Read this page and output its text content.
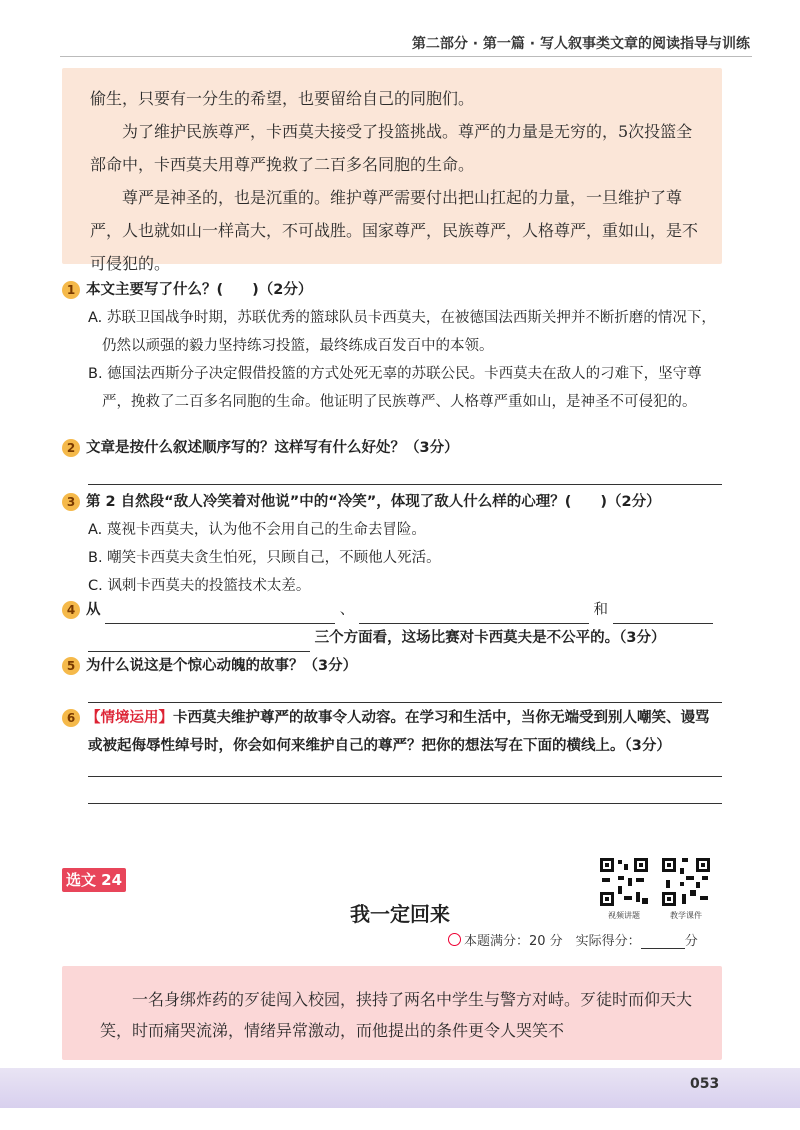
第二部分 · 第一篇 · 写人叙事类文章的阅读指导与训练

偷生，只要有一分生的希望，也要留给自己的同胞们。

为了维护民族尊严，卡西莫夫接受了投篮挑战。尊严的力量是无穷的，5次投篮全部命中，卡西莫夫用尊严挽救了二百多名同胞的生命。

尊严是神圣的，也是沉重的。维护尊严需要付出把山扛起的力量，一旦维护了尊严，人也就如山一样高大，不可战胜。国家尊严，民族尊严，人格尊严，重如山，是不可侵犯的。

1 本文主要写了什么？(　　)（2分）
A. 苏联卫国战争时期，苏联优秀的篮球队员卡西莫夫，在被德国法西斯关押并不断折磨的情况下，仍然以顽强的毅力坚持练习投篮，最终练成百发百中的本领。
B. 德国法西斯分子决定假借投篮的方式处死无辜的苏联公民。卡西莫夫在敌人的刁难下，坚守尊严，挽救了二百多名同胞的生命。他证明了民族尊严、人格尊严重如山，是神圣不可侵犯的。
2 文章是按什么叙述顺序写的？这样写有什么好处？（3分）
3 第 2 自然段“敌人冷笑着对他说”中的“冷笑”，体现了敌人什么样的心理？(　　)（2分）
A. 蔑视卡西莫夫，认为他不会用自己的生命去冒险。
B. 嘲笑卡西莫夫贪生怕死，只顾自己，不顾他人死活。
C. 讽刺卡西莫夫的投篮技术太差。
4 从	、	和
三个方面看，这场比赛对卡西莫夫是不公平的。（3分）
5 为什么说这是个惊心动魄的故事？（3分）
6 【情境运用】卡西莫夫维护尊严的故事令人动容。在学习和生活中，当你无端受到别人嘲笑、谩骂或被起侮辱性绰号时，你会如何来维护自己的尊严？把你的想法写在下面的横线上。（3分）
选文 24
视频讲题	教学课件
我一定回来
本题满分：20 分　实际得分：	分

一名身绑炸药的歹徒闯入校园，挟持了两名中学生与警方对峙。歹徒时而仰天大笑，时而痛哭流涕，情绪异常激动，而他提出的条件更令人哭笑不

053
